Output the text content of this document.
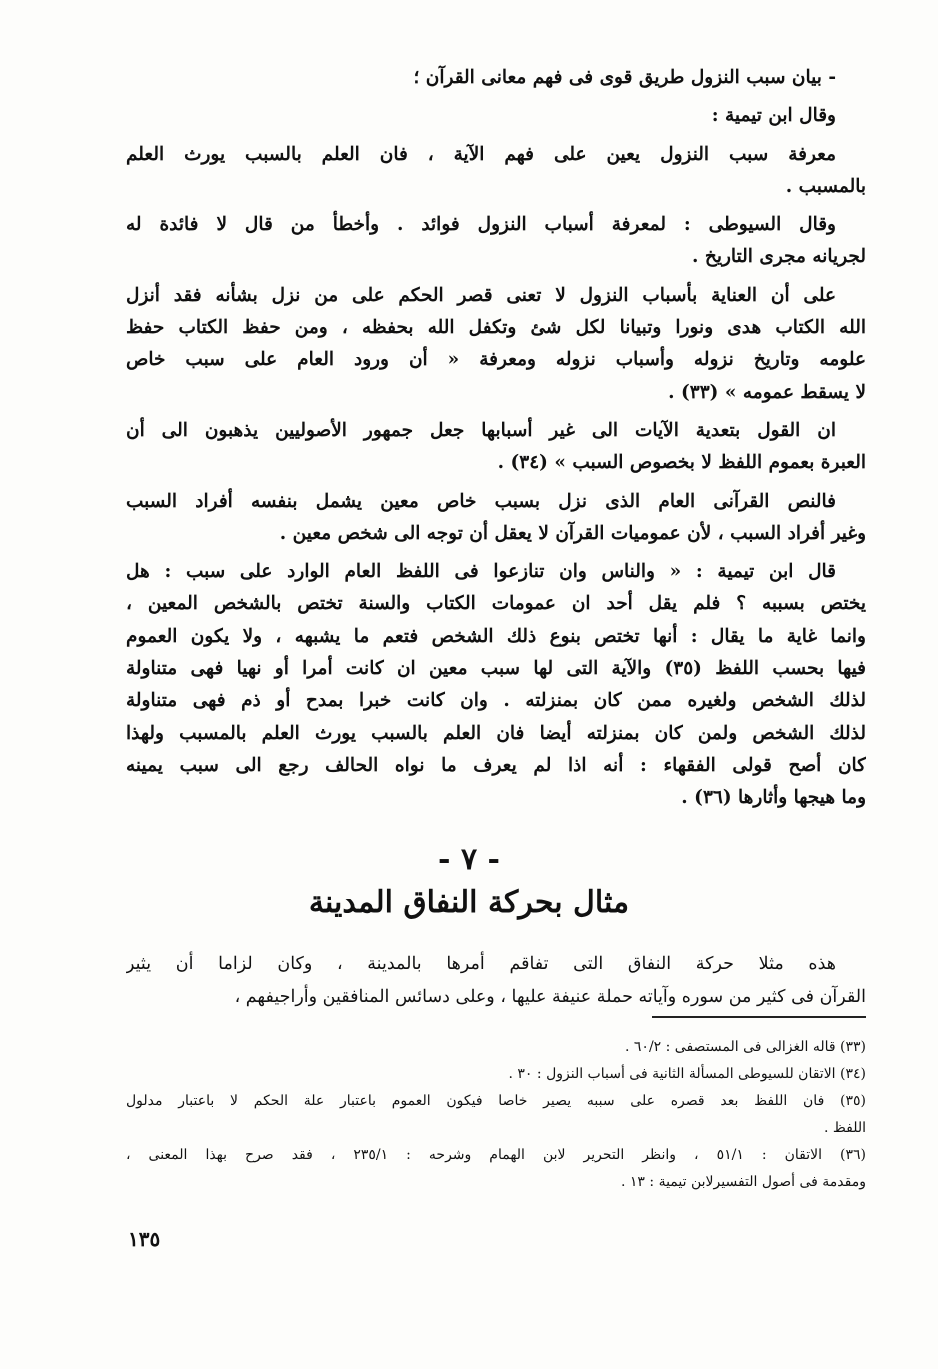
- بيان سبب النزول طريق قوى فى فهم معانى القرآن ؛

وقال ابن تيمية :

معرفة سبب النزول يعين على فهم الآية ، فان العلم بالسبب يورث العلم

بالمسبب .

وقال السيوطى : لمعرفة أسباب النزول فوائد . وأخطأ من قال لا فائدة له

لجريانه مجرى التاريخ .

على أن العناية بأسباب النزول لا تعنى قصر الحكم على من نزل بشأنه فقد أنزل

الله الكتاب هدى ونورا وتبيانا لكل شئ وتكفل الله بحفظه ، ومن حفظ الكتاب حفظ

علومه وتاريخ نزوله وأسباب نزوله ومعرفة « أن ورود العام على سبب خاص

لا يسقط عمومه » (٣٣) .

ان القول بتعدية الآيات الى غير أسبابها جعل جمهور الأصوليين يذهبون الى أن

العبرة بعموم اللفظ لا بخصوص السبب » (٣٤) .

فالنص القرآنى العام الذى نزل بسبب خاص معين يشمل بنفسه أفراد السبب

وغير أفراد السبب ، لأن عموميات القرآن لا يعقل أن توجه الى شخص معين .

قال ابن تيمية : « والناس وان تنازعوا فى اللفظ العام الوارد على سبب : هل

يختص بسببه ؟ فلم يقل أحد ان عمومات الكتاب والسنة تختص بالشخص المعين ،

وانما غاية ما يقال : أنها تختص بنوع ذلك الشخص فتعم ما يشبهه ، ولا يكون العموم

فيها بحسب اللفظ (٣٥) والآية التى لها سبب معين ان كانت أمرا أو نهيا فهى متناولة

لذلك الشخص ولغيره ممن كان بمنزلته . وان كانت خبرا بمدح أو ذم فهى متناولة

لذلك الشخص ولمن كان بمنزلته أيضا فان العلم بالسبب يورث العلم بالمسبب ولهذا

كان أصح قولى الفقهاء : أنه اذا لم يعرف ما نواه الحالف رجع الى سبب يمينه

وما هيجها وأثارها (٣٦) .

- ٧ -
مثال بحركة النفاق المدينة

هذه مثلا حركة النفاق التى تفاقم أمرها بالمدينة ، وكان لزاما أن يثير

القرآن فى كثير من سوره وآياته حملة عنيفة عليها ، وعلى دسائس المنافقين وأراجيفهم ،

(٣٣) قاله الغزالى فى المستصفى : ٦٠/٢ .

(٣٤) الاتقان للسيوطى المسألة الثانية فى أسباب النزول : ٣٠ .

(٣٥) فان اللفظ بعد قصره على سببه يصير خاصا فيكون العموم باعتبار علة الحكم لا باعتبار مدلول

اللفظ .

(٣٦) الاتقان : ٥١/١ ، وانظر التحرير لابن الهمام وشرحه : ٢٣٥/١ ، فقد صرح بهذا المعنى ،

ومقدمة فى أصول التفسيرلابن تيمية : ١٣ .

١٣٥
